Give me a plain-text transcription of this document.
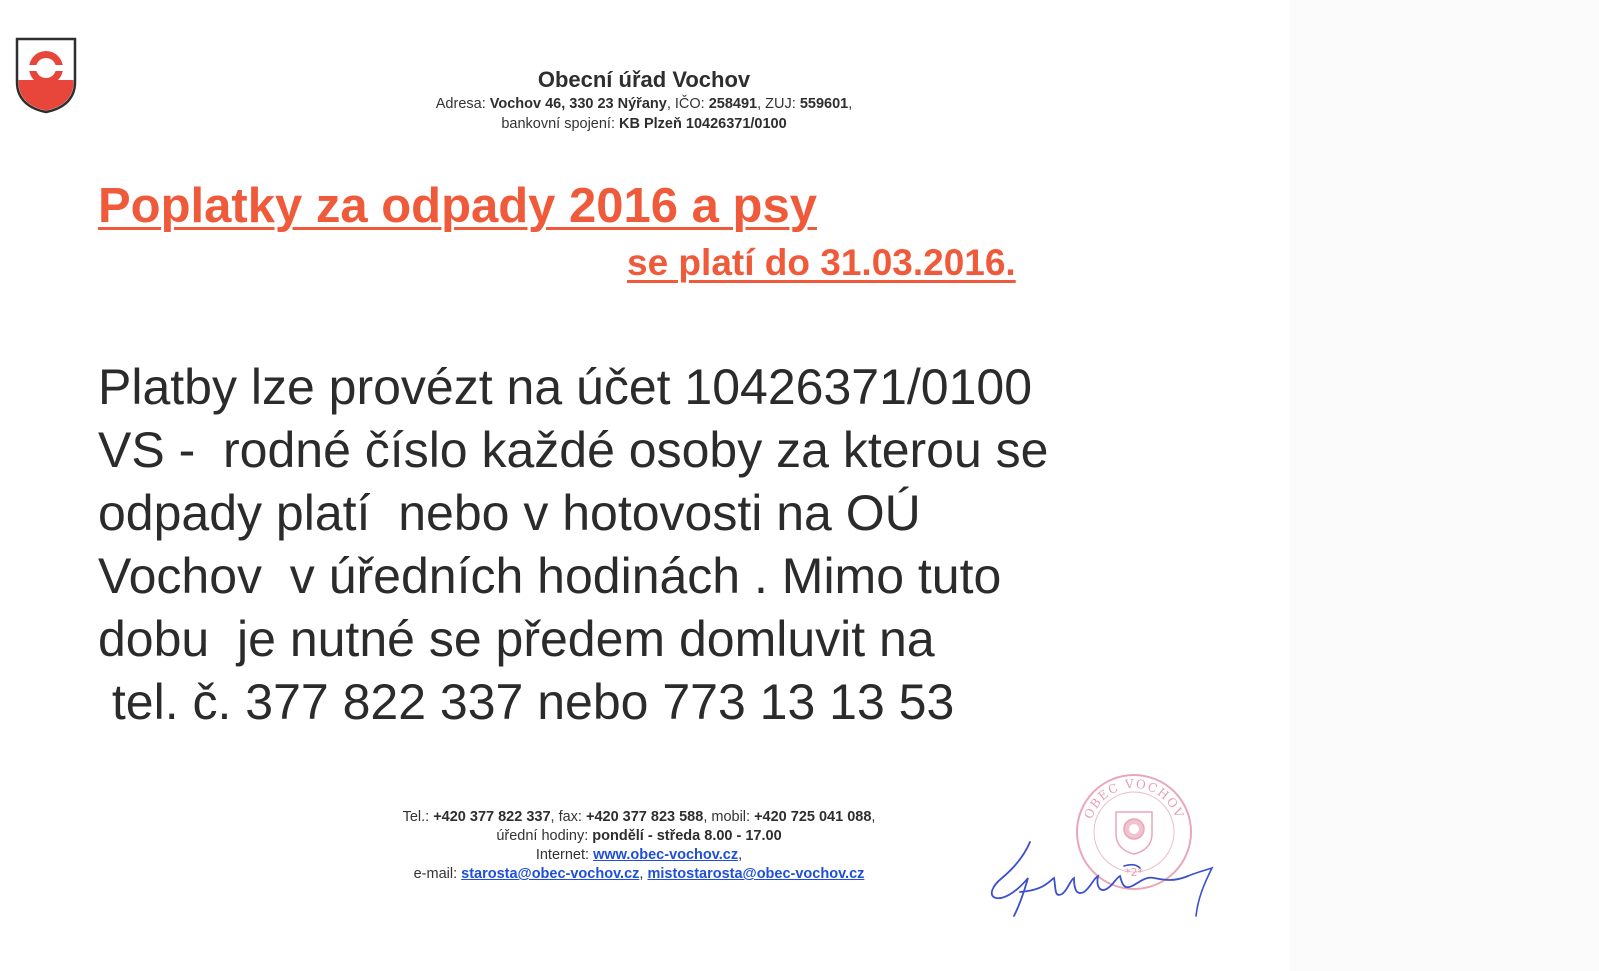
Obecní úřad Vochov
Adresa: Vochov 46, 330 23 Nýřany, IČO: 258491, ZUJ: 559601,
bankovní spojení: KB Plzeň 10426371/0100
Poplatky za odpady 2016 a psy
se platí do 31.03.2016.
Platby lze provézt na účet 10426371/0100
VS -  rodné číslo každé osoby za kterou se
odpady platí  nebo v hotovosti na OÚ
Vochov  v úředních hodinách . Mimo tuto
dobu  je nutné se předem domluvit na
tel. č. 377 822 337 nebo 773 13 13 53
Tel.: +420 377 822 337, fax: +420 377 823 588, mobil: +420 725 041 088,
úřední hodiny: pondělí - středa 8.00 - 17.00
Internet: www.obec-vochov.cz,
e-mail: starosta@obec-vochov.cz, mistostarosta@obec-vochov.cz
OBEC VOCHOV
*2*
